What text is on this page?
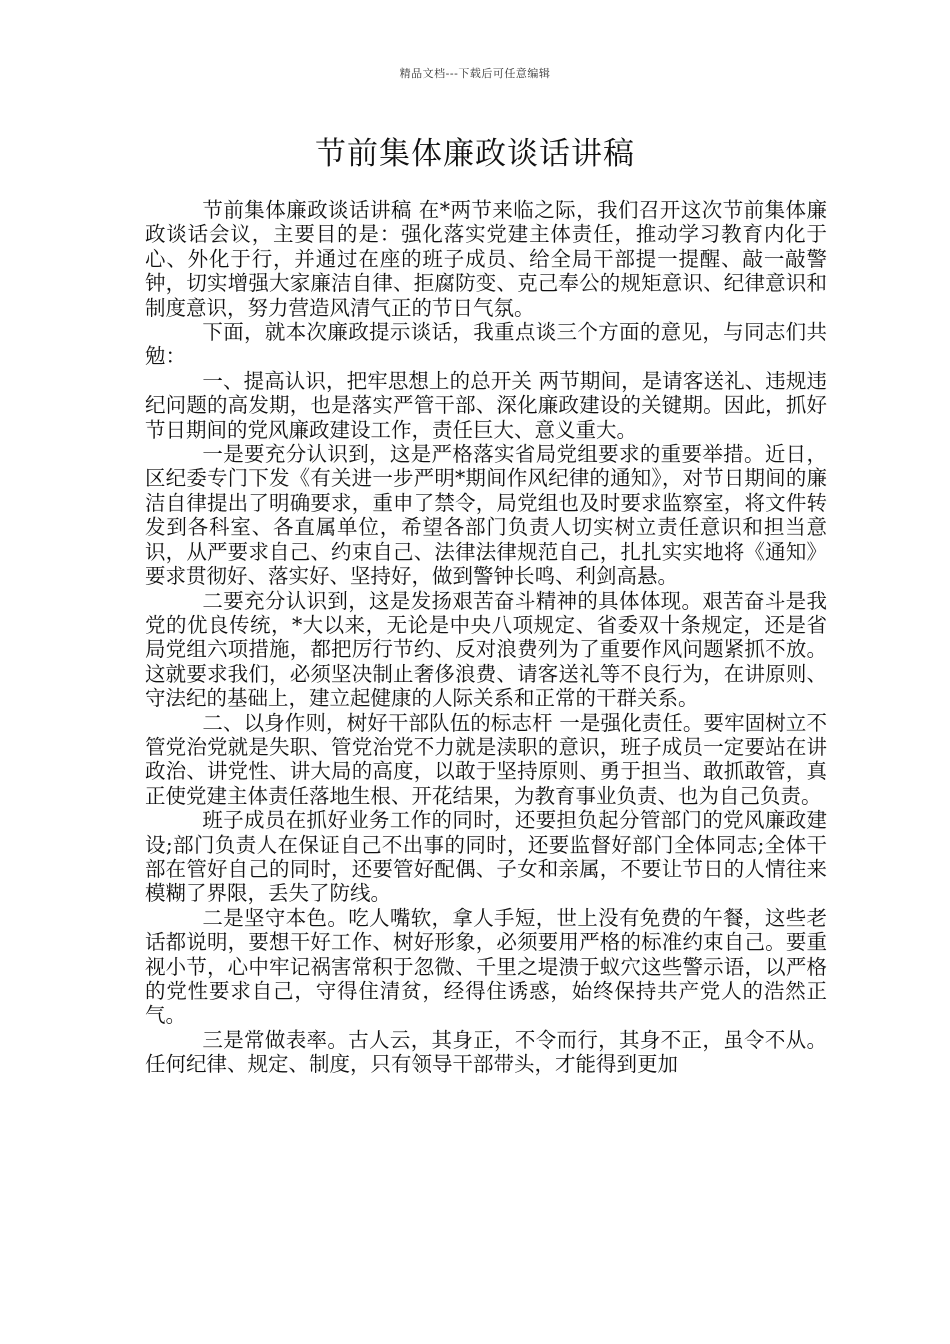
精品文档---下载后可任意编辑
节前集体廉政谈话讲稿

节前集体廉政谈话讲稿 在*两节来临之际，我们召开这次节前集体廉政谈话会议，主要目的是：强化落实党建主体责任，推动学习教育内化于心、外化于行，并通过在座的班子成员、给全局干部提一提醒、敲一敲警钟，切实增强大家廉洁自律、拒腐防变、克己奉公的规矩意识、纪律意识和制度意识，努力营造风清气正的节日气氛。

下面，就本次廉政提示谈话，我重点谈三个方面的意见，与同志们共勉：

一、提高认识，把牢思想上的总开关 两节期间，是请客送礼、违规违纪问题的高发期，也是落实严管干部、深化廉政建设的关键期。因此，抓好节日期间的党风廉政建设工作，责任巨大、意义重大。

一是要充分认识到，这是严格落实省局党组要求的重要举措。近日，区纪委专门下发《有关进一步严明*期间作风纪律的通知》，对节日期间的廉洁自律提出了明确要求，重申了禁令，局党组也及时要求监察室，将文件转发到各科室、各直属单位，希望各部门负责人切实树立责任意识和担当意识，从严要求自己、约束自己、法律法律规范自己，扎扎实实地将《通知》要求贯彻好、落实好、坚持好，做到警钟长鸣、利剑高悬。

二要充分认识到，这是发扬艰苦奋斗精神的具体体现。艰苦奋斗是我党的优良传统，*大以来，无论是中央八项规定、省委双十条规定，还是省局党组六项措施，都把厉行节约、反对浪费列为了重要作风问题紧抓不放。这就要求我们，必须坚决制止奢侈浪费、请客送礼等不良行为，在讲原则、守法纪的基础上，建立起健康的人际关系和正常的干群关系。

二、以身作则，树好干部队伍的标志杆 一是强化责任。要牢固树立不管党治党就是失职、管党治党不力就是渎职的意识，班子成员一定要站在讲政治、讲党性、讲大局的高度，以敢于坚持原则、勇于担当、敢抓敢管，真正使党建主体责任落地生根、开花结果，为教育事业负责、也为自己负责。

班子成员在抓好业务工作的同时，还要担负起分管部门的党风廉政建设;部门负责人在保证自己不出事的同时，还要监督好部门全体同志;全体干部在管好自己的同时，还要管好配偶、子女和亲属，不要让节日的人情往来模糊了界限，丢失了防线。

二是坚守本色。吃人嘴软，拿人手短，世上没有免费的午餐，这些老话都说明，要想干好工作、树好形象，必须要用严格的标准约束自己。要重视小节，心中牢记祸害常积于忽微、千里之堤溃于蚁穴这些警示语，以严格的党性要求自己，守得住清贫，经得住诱惑，始终保持共产党人的浩然正气。

三是常做表率。古人云，其身正，不令而行，其身不正，虽令不从。任何纪律、规定、制度，只有领导干部带头，才能得到更加
